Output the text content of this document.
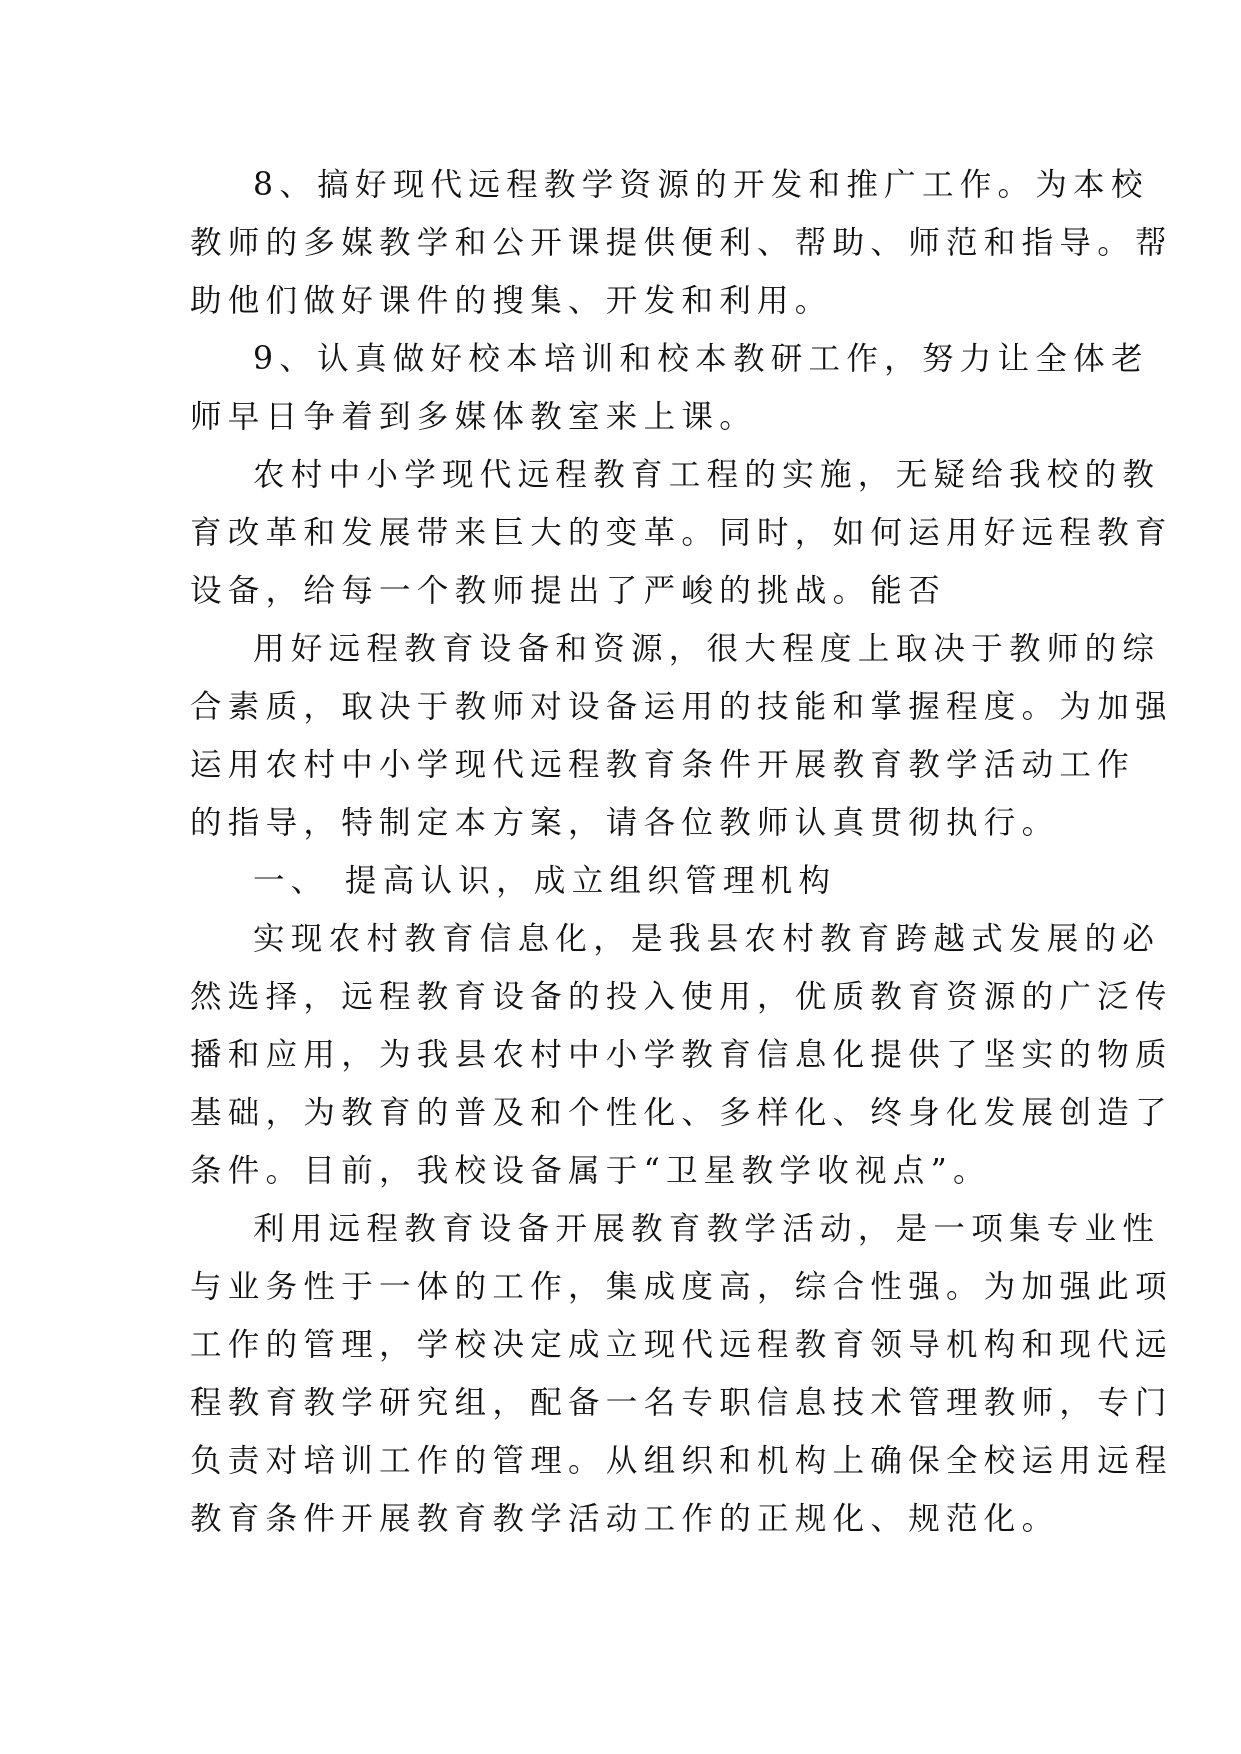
8、搞好现代远程教学资源的开发和推广工作。为本校
教师的多媒教学和公开课提供便利、帮助、师范和指导。帮
助他们做好课件的搜集、开发和利用。

9、认真做好校本培训和校本教研工作，努力让全体老
师早日争着到多媒体教室来上课。

农村中小学现代远程教育工程的实施，无疑给我校的教
育改革和发展带来巨大的变革。同时，如何运用好远程教育
设备，给每一个教师提出了严峻的挑战。能否

用好远程教育设备和资源，很大程度上取决于教师的综
合素质，取决于教师对设备运用的技能和掌握程度。为加强
运用农村中小学现代远程教育条件开展教育教学活动工作
的指导，特制定本方案，请各位教师认真贯彻执行。

一、 提高认识，成立组织管理机构

实现农村教育信息化，是我县农村教育跨越式发展的必
然选择，远程教育设备的投入使用，优质教育资源的广泛传
播和应用，为我县农村中小学教育信息化提供了坚实的物质
基础，为教育的普及和个性化、多样化、终身化发展创造了
条件。目前，我校设备属于“卫星教学收视点”。

利用远程教育设备开展教育教学活动，是一项集专业性
与业务性于一体的工作，集成度高，综合性强。为加强此项
工作的管理，学校决定成立现代远程教育领导机构和现代远
程教育教学研究组，配备一名专职信息技术管理教师，专门
负责对培训工作的管理。从组织和机构上确保全校运用远程
教育条件开展教育教学活动工作的正规化、规范化。
